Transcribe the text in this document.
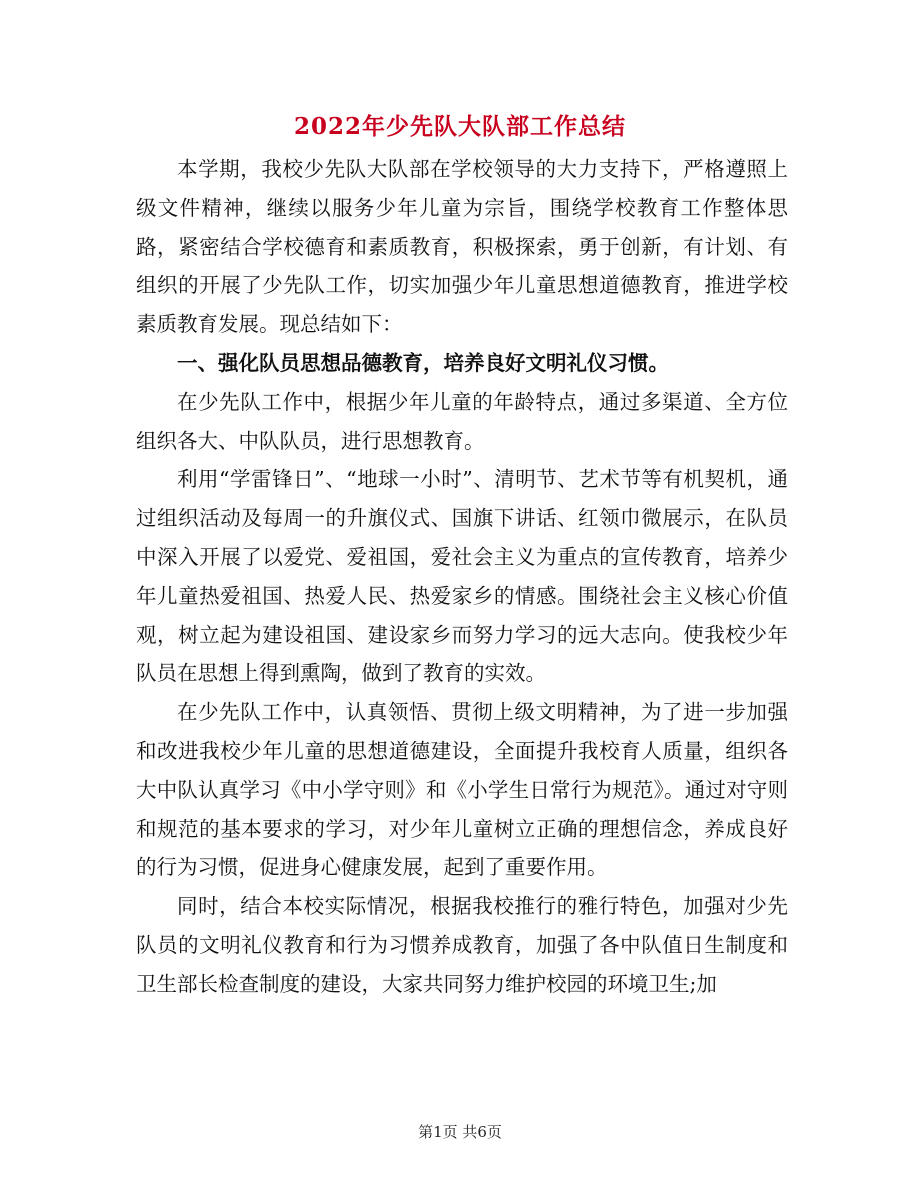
2022年少先队大队部工作总结

本学期，我校少先队大队部在学校领导的大力支持下，严格遵照上级文件精神，继续以服务少年儿童为宗旨，围绕学校教育工作整体思路，紧密结合学校德育和素质教育，积极探索，勇于创新，有计划、有组织的开展了少先队工作，切实加强少年儿童思想道德教育，推进学校素质教育发展。现总结如下：

一、强化队员思想品德教育，培养良好文明礼仪习惯。

在少先队工作中，根据少年儿童的年龄特点，通过多渠道、全方位组织各大、中队队员，进行思想教育。

利用“学雷锋日”、“地球一小时”、清明节、艺术节等有机契机，通过组织活动及每周一的升旗仪式、国旗下讲话、红领巾微展示，在队员中深入开展了以爱党、爱祖国，爱社会主义为重点的宣传教育，培养少年儿童热爱祖国、热爱人民、热爱家乡的情感。围绕社会主义核心价值观，树立起为建设祖国、建设家乡而努力学习的远大志向。使我校少年队员在思想上得到熏陶，做到了教育的实效。

在少先队工作中，认真领悟、贯彻上级文明精神，为了进一步加强和改进我校少年儿童的思想道德建设，全面提升我校育人质量，组织各大中队认真学习《中小学守则》和《小学生日常行为规范》。通过对守则和规范的基本要求的学习，对少年儿童树立正确的理想信念，养成良好的行为习惯，促进身心健康发展，起到了重要作用。

同时，结合本校实际情况，根据我校推行的雅行特色，加强对少先队员的文明礼仪教育和行为习惯养成教育，加强了各中队值日生制度和卫生部长检查制度的建设，大家共同努力维护校园的环境卫生;加

第1页 共6页
